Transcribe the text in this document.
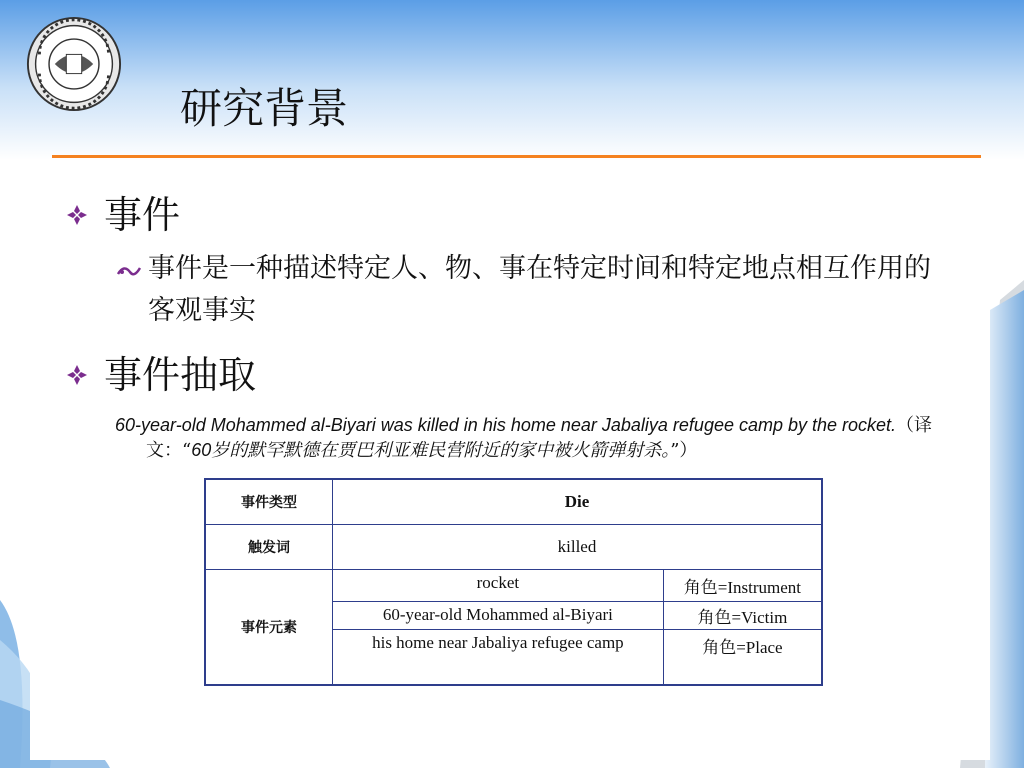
研究背景
事件
事件是一种描述特定人、物、事在特定时间和特定地点相互作用的客观事实
事件抽取
60-year-old Mohammed al-Biyari was killed in his home near Jabaliya refugee camp by the rocket.（译文：“60岁的默罕默德在贾巴利亚难民营附近的家中被火箭弹射杀。”）
事件类型	Die	
触发词	killed	
事件元素	rocket	角色=Instrument
	60-year-old Mohammed al-Biyari	角色=Victim
	his home near Jabaliya refugee camp	角色=Place
